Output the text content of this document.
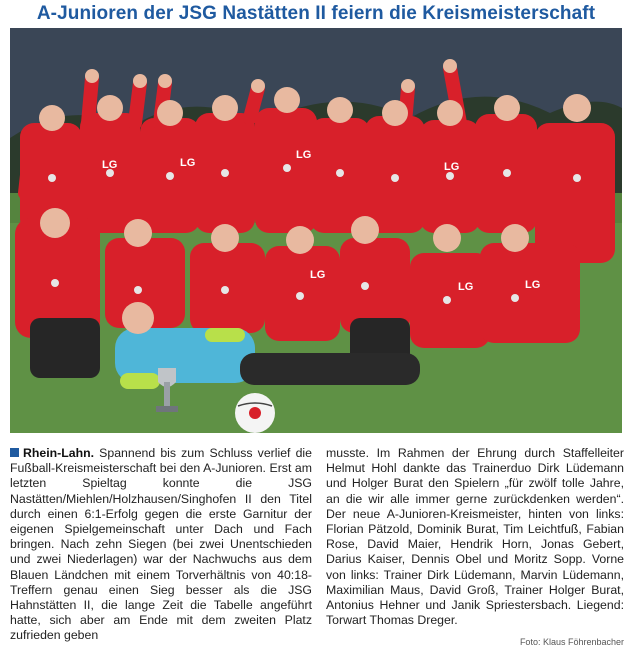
A-Junioren der JSG Nastätten II feiern die Kreismeisterschaft
LG	LG
LG
LG
LG
LG	LG

Rhein-Lahn. Spannend bis zum Schluss verlief die Fußball-Kreismeisterschaft bei den A-Junioren. Erst am letzten Spieltag konnte die JSG Nastätten/Miehlen/Holzhausen/Singhofen II den Titel durch einen 6:1-Erfolg gegen die erste Garnitur der eigenen Spielgemeinschaft unter Dach und Fach bringen. Nach zehn Siegen (bei zwei Unentschieden und zwei Niederlagen) war der Nachwuchs aus dem Blauen Ländchen mit einem Torverhältnis von 40:18-Treffern genau einen Sieg besser als die JSG Hahnstätten II, die lange Zeit die Tabelle angeführt hatte, sich aber am Ende mit dem zweiten Platz zufrieden geben

musste. Im Rahmen der Ehrung durch Staffelleiter Helmut Hohl dankte das Trainerduo Dirk Lüdemann und Holger Burat den Spielern „für zwölf tolle Jahre, an die wir alle immer gerne zurückdenken werden“. Der neue A-Junioren-Kreismeister, hinten von links: Florian Pätzold, Dominik Burat, Tim Leichtfuß, Fabian Rose, David Maier, Hendrik Horn, Jonas Gebert, Darius Kaiser, Dennis Obel und Moritz Sopp. Vorne von links: Trainer Dirk Lüdemann, Marvin Lüdemann, Maximilian Maus, David Groß, Trainer Holger Burat, Antonius Hehner und Janik Spriestersbach. Liegend: Torwart Thomas Dreger.

Foto: Klaus Föhrenbacher
